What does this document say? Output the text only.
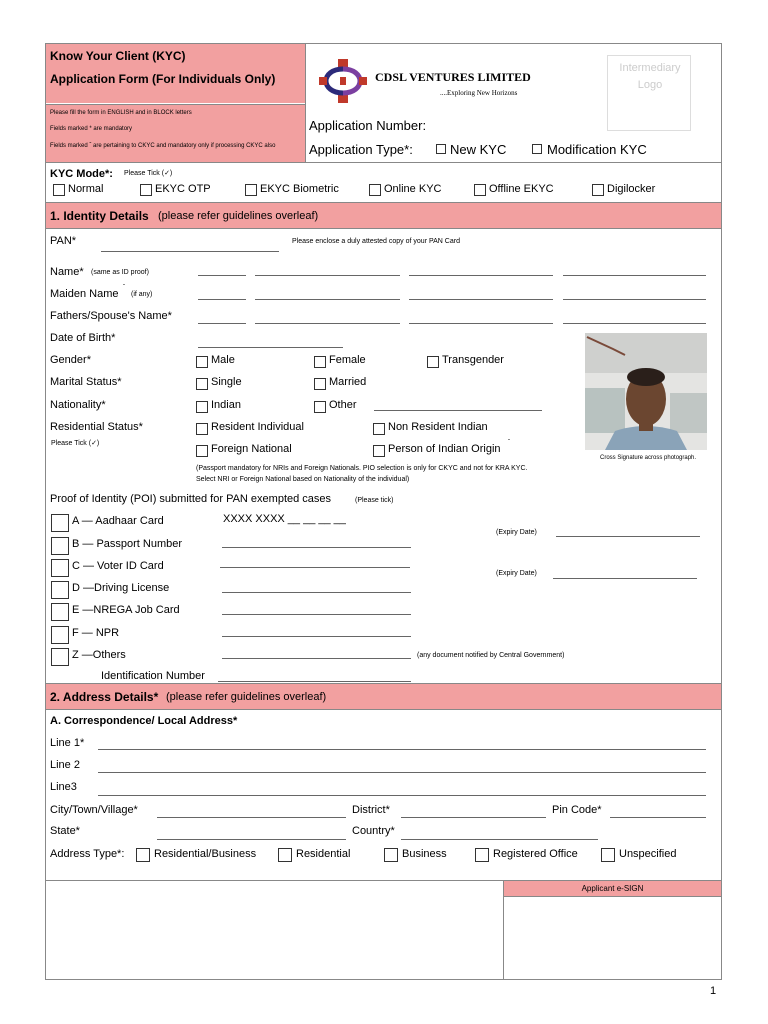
Know Your Client (KYC)
Application Form (For Individuals Only)
Please fill the form in ENGLISH and in BLOCK letters
Fields marked * are mandatory
Fields marked ˆ are pertaining to CKYC and mandatory only if processing CKYC also
CDSL VENTURES LIMITED
....Exploring New Horizons
Intermediary Logo
Application Number:
Application Type*:	New KYC	Modification KYC
KYC Mode*: Please Tick (✓)
Normal	EKYC OTP	EKYC Biometric	Online KYC	Offline EKYC	Digilocker
1. Identity Details (please refer guidelines overleaf)
PAN*	Please enclose a duly attested copy of your PAN Card
Name* (same as ID proof)
Maiden Name ˆ
(if any)
Fathers/Spouse's Name*
Date of Birth*
Gender*	Male	Female	Transgender
Marital Status*	Single	Married
Nationality*	Indian	Other
Residential Status*
Please Tick (✓)
Resident Individual	Non Resident Indian
Foreign National	Person of Indian Origin ˆ
(Passport mandatory for NRIs and Foreign Nationals. PIO selection is only for CKYC and not for KRA KYC.
Select NRI or Foreign National based on Nationality of the individual)
Cross Signature across photograph.
Proof of Identity (POI) submitted for PAN exempted cases	(Please tick)
A — Aadhaar Card	XXXX XXXX __ __ __ __
B — Passport Number
(Expiry Date)
C — Voter ID Card
D —Driving License
(Expiry Date)
E —NREGA Job Card
F — NPR
Z —Others	(any document notified by Central Government)
Identification Number
2. Address Details* (please refer guidelines overleaf)
A. Correspondence/ Local Address*
Line 1*
Line 2
Line3
City/Town/Village*	District*	Pin Code*
State*	Country*
Address Type*:	Residential/Business	Residential	Business	Registered Office	Unspecified
Applicant e-SIGN
1
